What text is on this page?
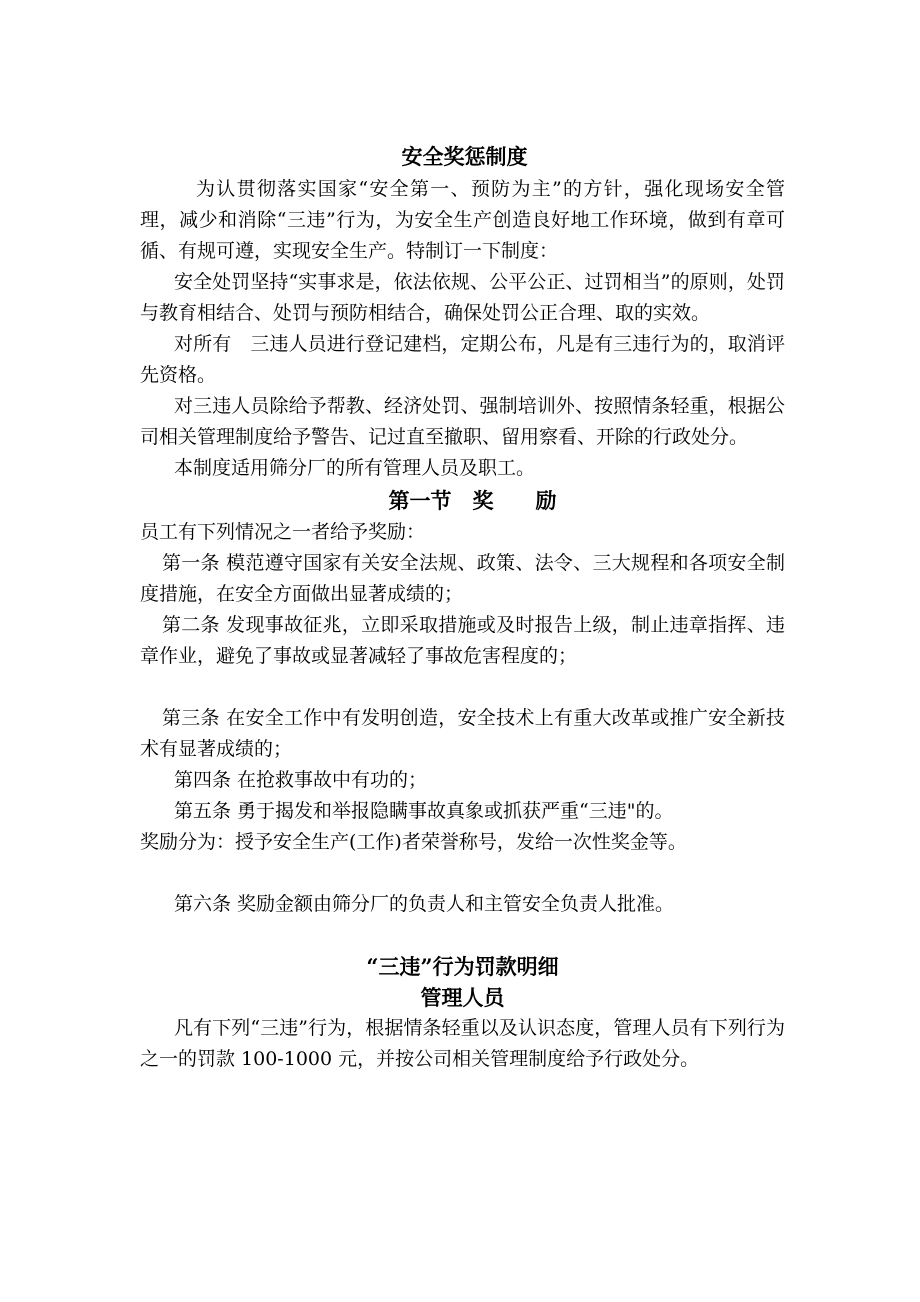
安全奖惩制度

为认贯彻落实国家“安全第一、预防为主”的方针，强化现场安全管理，减少和消除“三违”行为，为安全生产创造良好地工作环境，做到有章可循、有规可遵，实现安全生产。特制订一下制度：

安全处罚坚持“实事求是，依法依规、公平公正、过罚相当”的原则，处罚与教育相结合、处罚与预防相结合，确保处罚公正合理、取的实效。

对所有　三违人员进行登记建档，定期公布，凡是有三违行为的，取消评先资格。

对三违人员除给予帮教、经济处罚、强制培训外、按照情条轻重，根据公司相关管理制度给予警告、记过直至撤职、留用察看、开除的行政处分。

本制度适用筛分厂的所有管理人员及职工。

第一节　奖　　励

员工有下列情况之一者给予奖励：

第一条 模范遵守国家有关安全法规、政策、法令、三大规程和各项安全制度措施，在安全方面做出显著成绩的；

第二条 发现事故征兆，立即采取措施或及时报告上级，制止违章指挥、违章作业，避免了事故或显著减轻了事故危害程度的；

第三条 在安全工作中有发明创造，安全技术上有重大改革或推广安全新技术有显著成绩的；

第四条 在抢救事故中有功的；

第五条 勇于揭发和举报隐瞒事故真象或抓获严重“三违"的。

奖励分为：授予安全生产(工作)者荣誉称号，发给一次性奖金等。

第六条 奖励金额由筛分厂的负责人和主管安全负责人批准。

“三违”行为罚款明细
管理人员

凡有下列“三违”行为，根据情条轻重以及认识态度，管理人员有下列行为之一的罚款 100-1000 元，并按公司相关管理制度给予行政处分。
